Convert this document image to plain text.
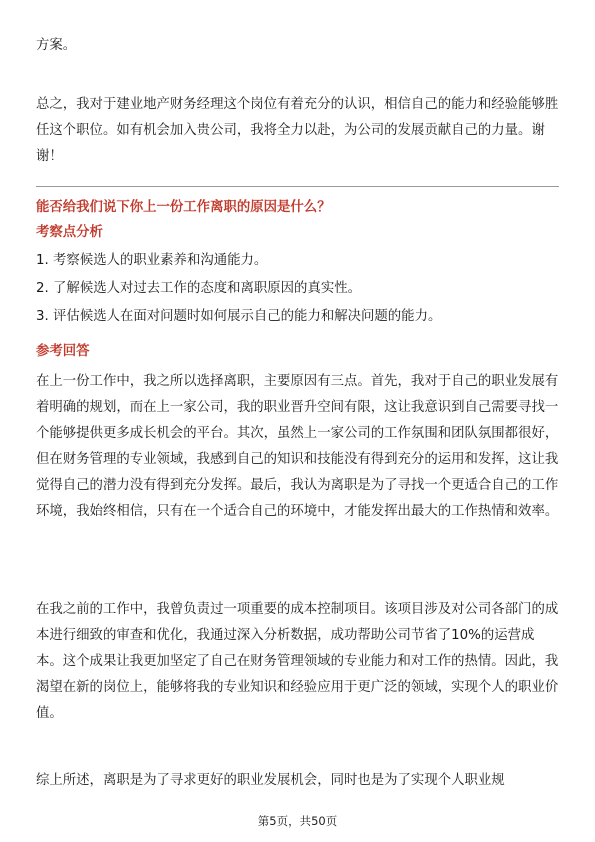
方案。

总之，我对于建业地产财务经理这个岗位有着充分的认识，相信自己的能力和经验能够胜任这个职位。如有机会加入贵公司，我将全力以赴，为公司的发展贡献自己的力量。谢谢！

能否给我们说下你上一份工作离职的原因是什么？

考察点分析

1. 考察候选人的职业素养和沟通能力。
2. 了解候选人对过去工作的态度和离职原因的真实性。
3. 评估候选人在面对问题时如何展示自己的能力和解决问题的能力。

参考回答

在上一份工作中，我之所以选择离职，主要原因有三点。首先，我对于自己的职业发展有着明确的规划，而在上一家公司，我的职业晋升空间有限，这让我意识到自己需要寻找一个能够提供更多成长机会的平台。其次，虽然上一家公司的工作氛围和团队氛围都很好，但在财务管理的专业领域，我感到自己的知识和技能没有得到充分的运用和发挥，这让我觉得自己的潜力没有得到充分发挥。最后，我认为离职是为了寻找一个更适合自己的工作环境，我始终相信，只有在一个适合自己的环境中，才能发挥出最大的工作热情和效率。

在我之前的工作中，我曾负责过一项重要的成本控制项目。该项目涉及对公司各部门的成本进行细致的审查和优化，我通过深入分析数据，成功帮助公司节省了10%的运营成本。这个成果让我更加坚定了自己在财务管理领域的专业能力和对工作的热情。因此，我渴望在新的岗位上，能够将我的专业知识和经验应用于更广泛的领域，实现个人的职业价值。

综上所述，离职是为了寻求更好的职业发展机会，同时也是为了实现个人职业规

第5页，共50页
